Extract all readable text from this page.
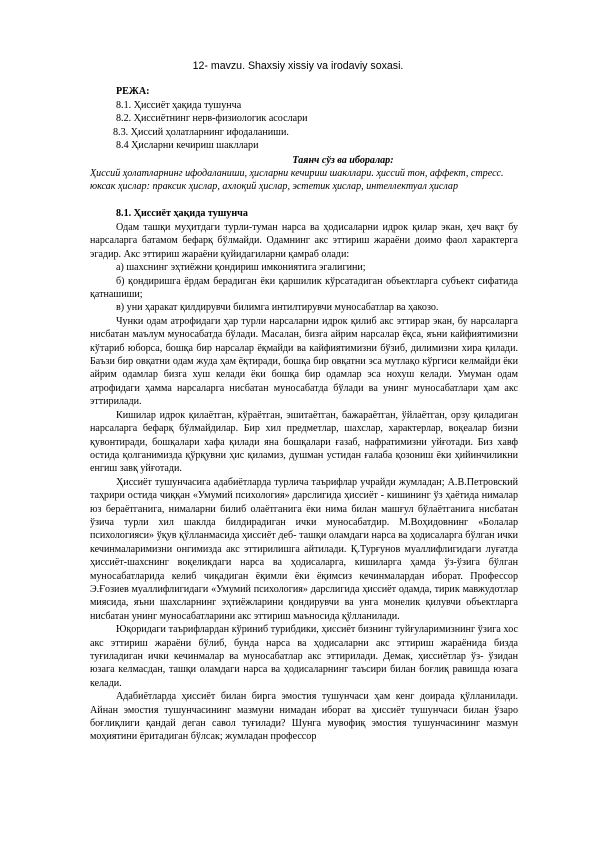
12- mavzu. Shaxsiy xissiy va irodaviy soxasi.
РЕЖА:
8.1. Ҳиссиёт ҳақида тушунча
8.2. Ҳиссиётнинг нерв-физиологик асослари
8.3. Ҳиссий ҳолатларнинг ифодаланиши.
8.4 Ҳисларни кечириш шакллари
Таянч сўз ва иборалар:
Ҳиссий ҳолатларнинг ифодаланиши, ҳисларни кечириш шакллари. ҳиссий тон, аффект, стресс. юксак ҳислар: праксик ҳислар, ахлоқий ҳислар, эстетик ҳислар, интеллектуал ҳислар
8.1. Ҳиссиёт ҳақида тушунча

Одам ташқи муҳитдаги турли-туман нарса ва ҳодисаларни идрок қилар экан, ҳеч вақт бу нарсаларга батамом бефарқ бўлмайди. Одамнинг акс эттириш жараёни доимо фаол характерга эгадир. Акс эттириш жараёни қуйидагиларни қамраб олади:

а) шахснинг эҳтиёжни қондириш имкониятига эгалигини;

б) қондиришга ёрдам берадиган ёки қаршилик кўрсатадиган объектларга субъект сифатида қатнашиши;

в) уни ҳаракат қилдирувчи билимга интилтирувчи муносабатлар ва ҳакозо.

Чунки одам атрофидаги ҳар турли нарсаларни идрок қилиб акс эттирар экан, бу нарсаларга нисбатан маълум муносабатда бўлади. Масалан, бизга айрим нарсалар ёқса, яъни кайфиятимизни кўтариб юборса, бошқа бир нарсалар ёқмайди ва кайфиятимизни бўзиб, дилимизни хира қилади. Баъзи бир овқатни одам жуда ҳам ёқтиради, бошқа бир овқатни эса мутлақо кўргиси келмайди ёки айрим одамлар бизга хуш келади ёки бошқа бир одамлар эса нохуш келади. Умуман одам атрофидаги ҳамма нарсаларга нисбатан муносабатда бўлади ва унинг муносабатлари ҳам акс эттирилади.

Кишилар идрок қилаётган, кўраётган, эшитаётган, бажараётган, ўйлаётган, орзу қиладиган нарсаларга бефарқ бўлмайдилар. Бир хил предметлар, шахслар, характерлар, воқеалар бизни қувонтиради, бошқалари хафа қилади яна бошқалари ғазаб, нафратимизни уйғотади. Биз хавф остида қолганимизда қўрқувни ҳис қиламиз, душман устидан ғалаба қозониш ёки ҳийинчиликни енгиш завқ уйғотади.

Ҳиссиёт тушунчасига адабиётларда турлича таърифлар учрайди жумладан; А.В.Петровский таҳрири остида чиққан «Умумий психология» дарслигида ҳиссиёт - кишининг ўз ҳаётида нималар юз бераётганига, нималарни билиб олаётганига ёки нима билан машғул бўлаётганига нисбатан ўзича турли хил шаклда билдирадиган ички муносабатдир. М.Воҳидовнинг «Болалар психологияси» ўқув қўлланмасида ҳиссиёт деб- ташқи оламдаги нарса ва ҳодисаларга бўлган ички кечинмаларимизни онгимизда акс эттирилишга айтилади. Қ.Турғунов муаллифлигидаги луғатда ҳиссиёт-шахснинг воқеликдаги нарса ва ҳодисаларга, кишиларга ҳамда ўз-ўзига бўлган муносабатларида келиб чиқадиган ёқимли ёки ёқимсиз кечинмалардан иборат. Профессор Э.Ғозиев муаллифлигидаги «Умумий психология» дарслигида ҳиссиёт одамда, тирик мавжудотлар миясида, яъни шахсларнинг эҳтиёжларини қондирувчи ва унга монелик қилувчи объектларга нисбатан унинг муносабатларини акс эттириш маъносида қўлланилади.

Юқоридаги таърифлардан кўриниб турибдики, ҳиссиёт бизнинг туйғуларимизнинг ўзига хос акс эттириш жараёни бўлиб, бунда нарса ва ҳодисаларни акс эттириш жараёнида бизда туғиладиган ички кечинмалар ва муносабатлар акс эттирилади. Демак, ҳиссиётлар ўз- ўзидан юзага келмасдан, ташқи оламдаги нарса ва ҳодисаларнинг таъсири билан боғлиқ равишда юзага келади.

Адабиётларда ҳиссиёт билан бирга эмостия тушунчаси ҳам кенг доирада қўлланилади. Айнан эмостия тушунчасининг мазмуни нимадан иборат ва ҳиссиёт тушунчаси билан ўзаро боғлиқлиги қандай деган савол туғилади? Шунга мувофиқ эмостия тушунчасининг мазмун моҳиятини ёритадиган бўлсак; жумладан профессор
